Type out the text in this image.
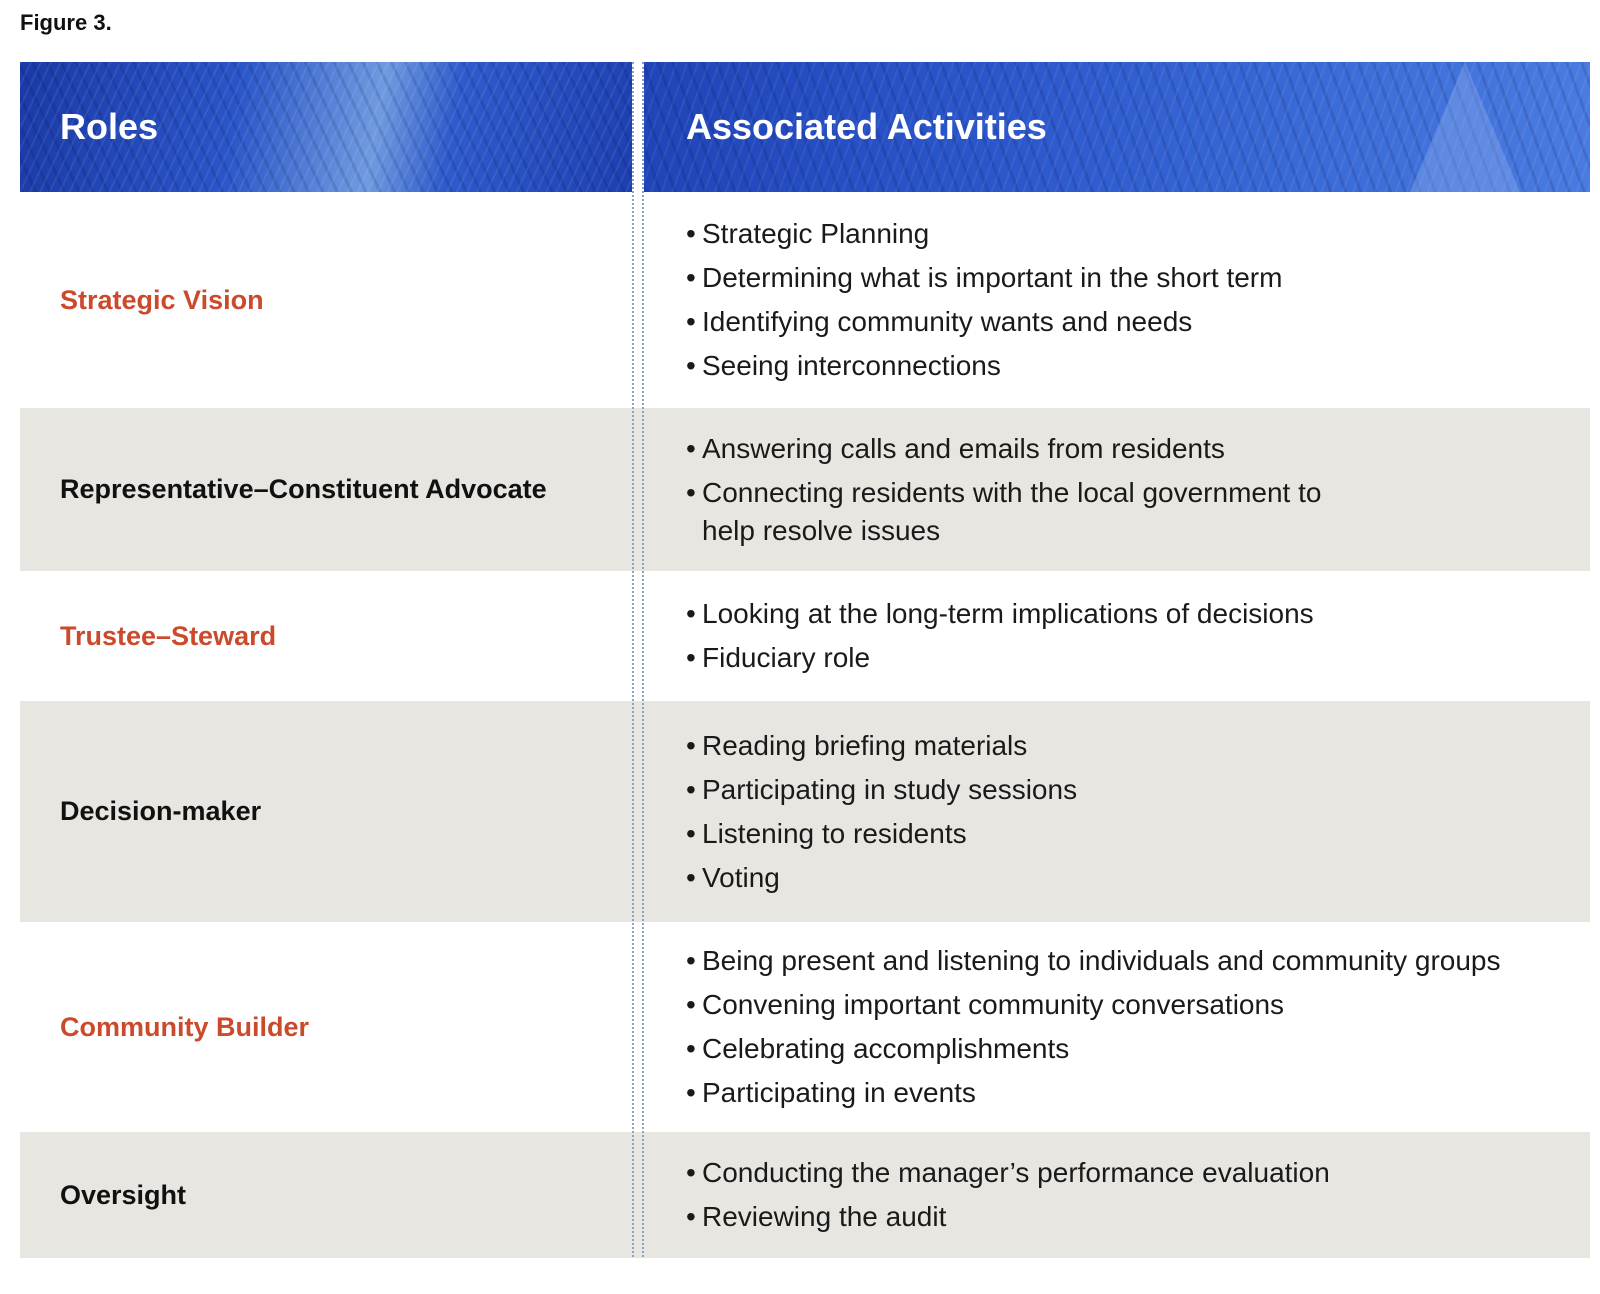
Figure 3.
Roles	Associated Activities
Strategic Vision
• Strategic Planning
• Determining what is important in the short term
• Identifying community wants and needs
• Seeing interconnections
Representative–Constituent Advocate
• Answering calls and emails from residents
• Connecting residents with the local government to help resolve issues
Trustee–Steward
• Looking at the long-term implications of decisions
• Fiduciary role
Decision-maker
• Reading briefing materials
• Participating in study sessions
• Listening to residents
• Voting
Community Builder
• Being present and listening to individuals and community groups
• Convening important community conversations
• Celebrating accomplishments
• Participating in events
Oversight
• Conducting the manager’s performance evaluation
• Reviewing the audit
